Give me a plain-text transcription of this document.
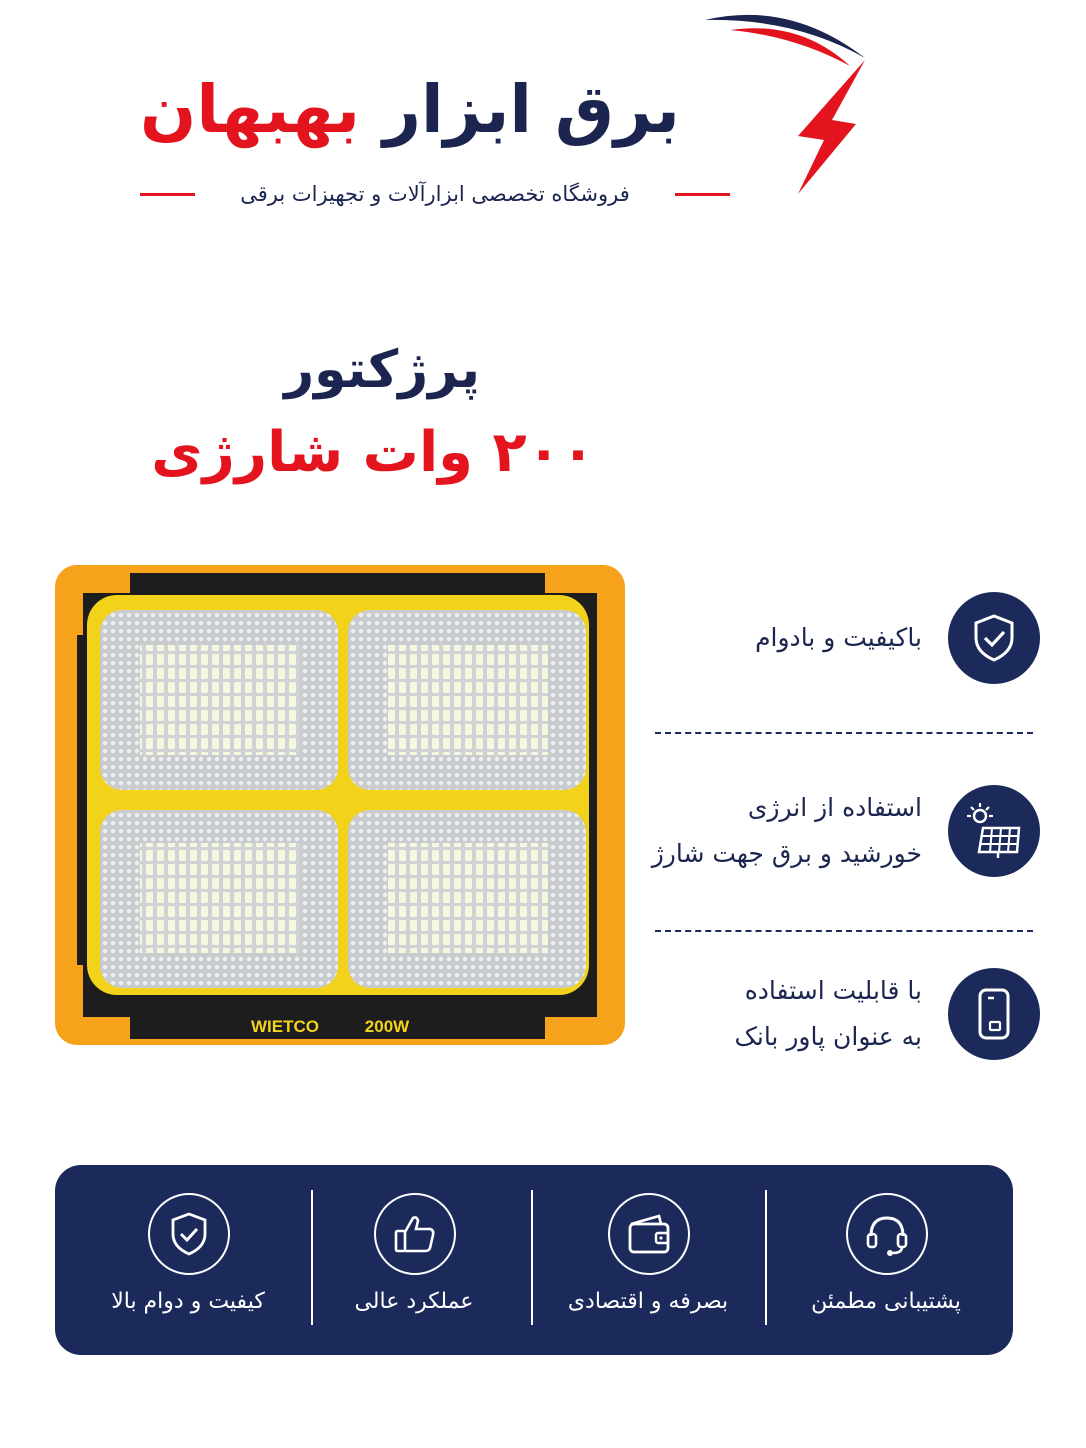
برق ابزار بهبهان
فروشگاه تخصصی ابزارآلات و تجهیزات برقی
پرژکتور
۲۰۰ وات شارژی
WIETCO	200W
باکیفیت و بادوام
استفاده از انرژی
خورشید و برق جهت شارژ
با قابلیت استفاده
به عنوان پاور بانک
پشتیبانی مطمئن
بصرفه و اقتصادی
عملکرد عالی
کیفیت و دوام بالا
